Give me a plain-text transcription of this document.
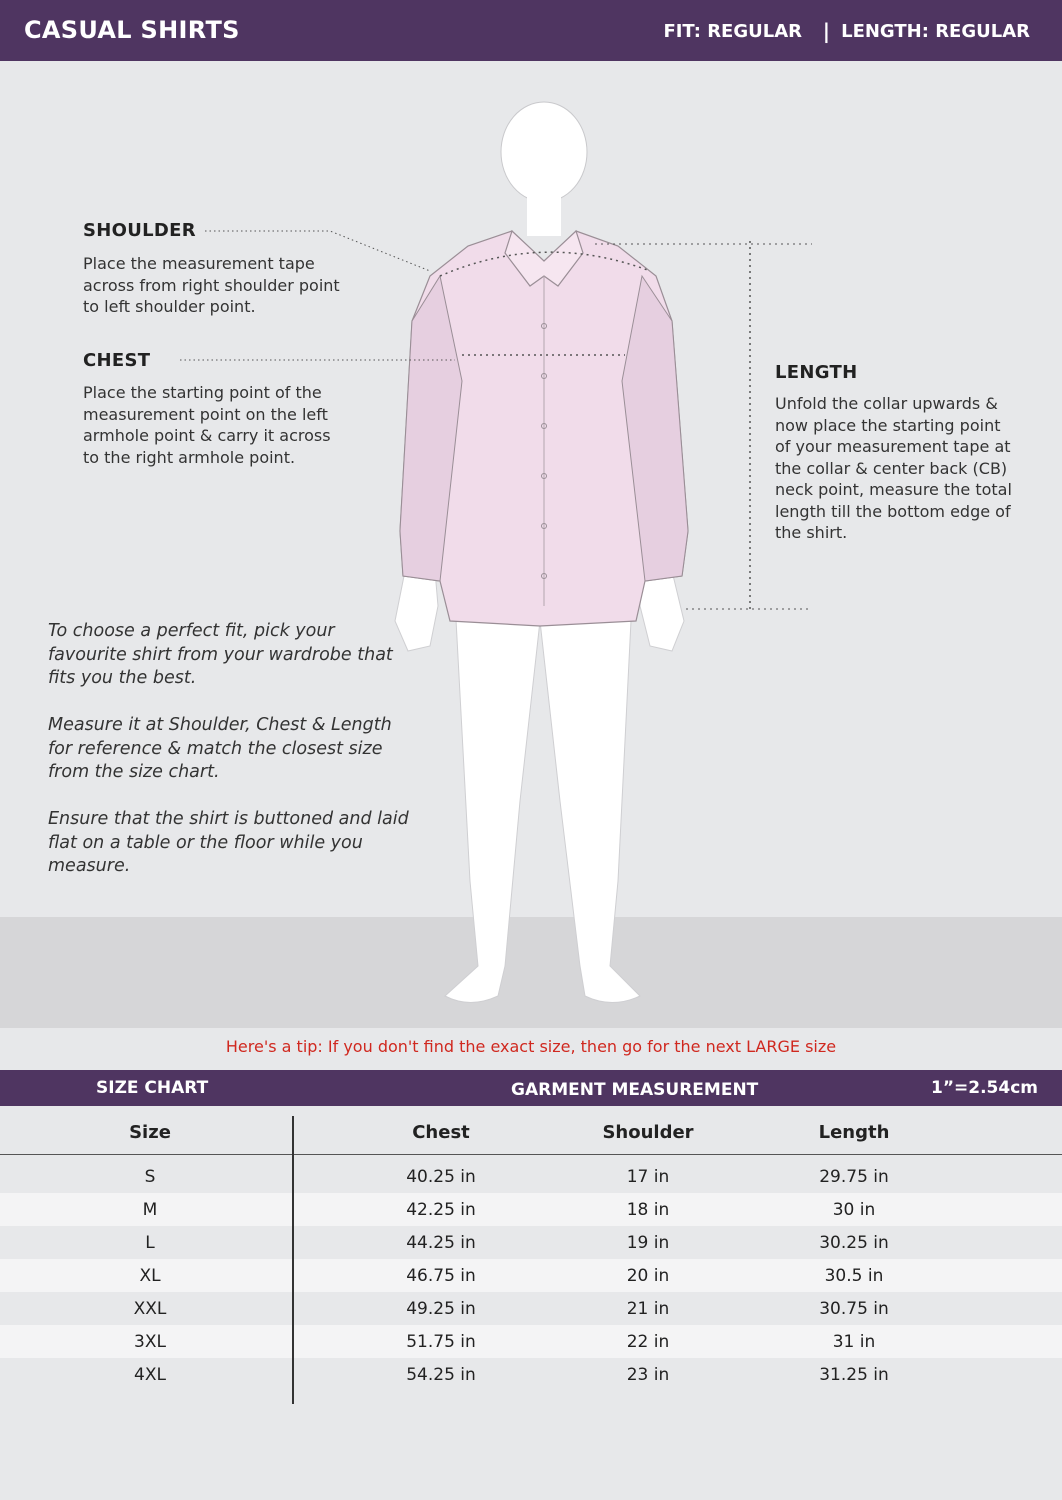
CASUAL SHIRTS	FIT: REGULAR | LENGTH: REGULAR
SHOULDER
Place the measurement tape
across from right shoulder point
to left shoulder point.
CHEST
Place the starting point of the
measurement point on the left
armhole point & carry it across
to the right armhole point.
LENGTH
Unfold the collar upwards &
now place the starting point
of your measurement tape at
the collar & center back (CB)
neck point, measure the total
length till the bottom edge of
the shirt.
To choose a perfect fit, pick your favourite shirt from your wardrobe that fits you the best.
Measure it at Shoulder, Chest & Length for reference & match the closest size from the size chart.
Ensure that the shirt is buttoned and laid flat on a table or the floor while you measure.
Here's a tip: If you don't find the exact size, then go for the next LARGE size
SIZE CHART	GARMENT MEASUREMENT	1”=2.54cm
Size	Chest	Shoulder	Length
S	40.25 in	17 in	29.75 in
M	42.25 in	18 in	30 in
L	44.25 in	19 in	30.25 in
XL	46.75 in	20 in	30.5 in
XXL	49.25 in	21 in	30.75 in
3XL	51.75 in	22 in	31 in
4XL	54.25 in	23 in	31.25 in
